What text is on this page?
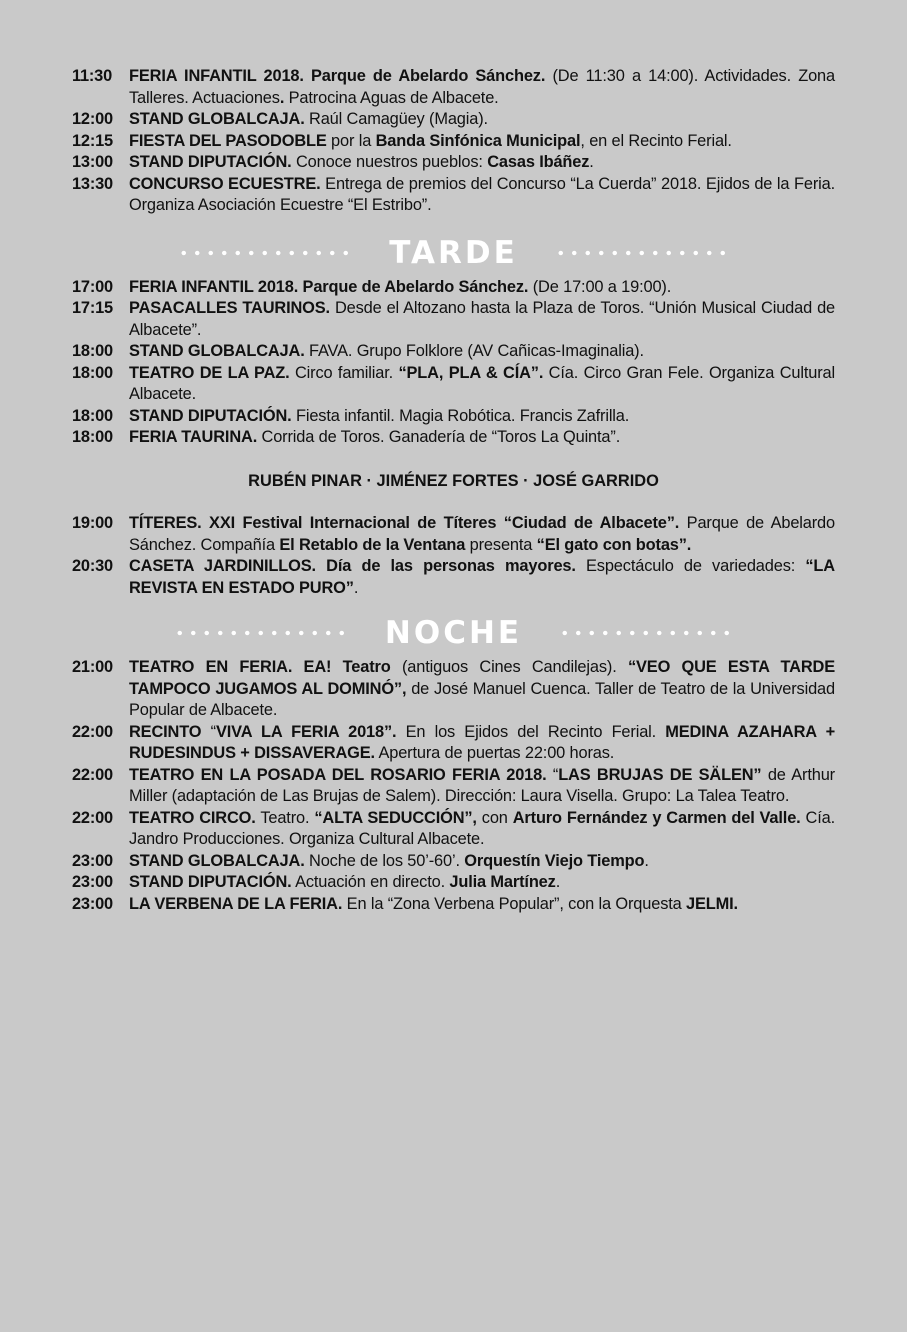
11:30	FERIA INFANTIL 2018. Parque de Abelardo Sánchez. (De 11:30 a 14:00). Actividades. Zona Talleres. Actuaciones. Patrocina Aguas de Albacete.
12:00 STAND GLOBALCAJA. Raúl Camagüey (Magia).
12:15 FIESTA DEL PASODOBLE por la Banda Sinfónica Municipal, en el Recinto Ferial.
13:00 STAND DIPUTACIÓN. Conoce nuestros pueblos: Casas Ibáñez.
13:30 CONCURSO ECUESTRE. Entrega de premios del Concurso “La Cuerda” 2018. Ejidos de la Feria. Organiza Asociación Ecuestre “El Estribo”.
TARDE
17:00 FERIA INFANTIL 2018. Parque de Abelardo Sánchez. (De 17:00 a 19:00).
17:15 PASACALLES TAURINOS. Desde el Altozano hasta la Plaza de Toros. “Unión Musical Ciudad de Albacete”.
18:00 STAND GLOBALCAJA. FAVA. Grupo Folklore (AV Cañicas-Imaginalia).
18:00 TEATRO DE LA PAZ. Circo familiar. “PLA, PLA & CÍA”. Cía. Circo Gran Fele. Organiza Cultural Albacete.
18:00 STAND DIPUTACIÓN. Fiesta infantil. Magia Robótica. Francis Zafrilla.
18:00 FERIA TAURINA. Corrida de Toros. Ganadería de “Toros La Quinta”.
RUBÉN PINAR · JIMÉNEZ FORTES · JOSÉ GARRIDO
19:00 TÍTERES. XXI Festival Internacional de Títeres “Ciudad de Albacete”. Parque de Abelardo Sánchez. Compañía El Retablo de la Ventana presenta “El gato con botas”.
20:30 CASETA JARDINILLOS. Día de las personas mayores. Espectáculo de variedades: “LA REVISTA EN ESTADO PURO”.
NOCHE
21:00 TEATRO EN FERIA. EA! Teatro (antiguos Cines Candilejas). “VEO QUE ESTA TARDE TAMPOCO JUGAMOS AL DOMINÓ”, de José Manuel Cuenca. Taller de Teatro de la Universidad Popular de Albacete.
22:00 RECINTO “VIVA LA FERIA 2018”. En los Ejidos del Recinto Ferial. MEDINA AZAHARA + RUDESINDUS + DISSAVERAGE. Apertura de puertas 22:00 horas.
22:00 TEATRO EN LA POSADA DEL ROSARIO FERIA 2018. “LAS BRUJAS DE SÄLEN” de Arthur Miller (adaptación de Las Brujas de Salem). Dirección: Laura Visella. Grupo: La Talea Teatro.
22:00 TEATRO CIRCO. Teatro. “ALTA SEDUCCIÓN”, con Arturo Fernández y Carmen del Valle. Cía. Jandro Producciones. Organiza Cultural Albacete.
23:00 STAND GLOBALCAJA. Noche de los 50’-60’. Orquestín Viejo Tiempo.
23:00 STAND DIPUTACIÓN. Actuación en directo. Julia Martínez.
23:00 LA VERBENA DE LA FERIA. En la “Zona Verbena Popular”, con la Orquesta JELMI.
